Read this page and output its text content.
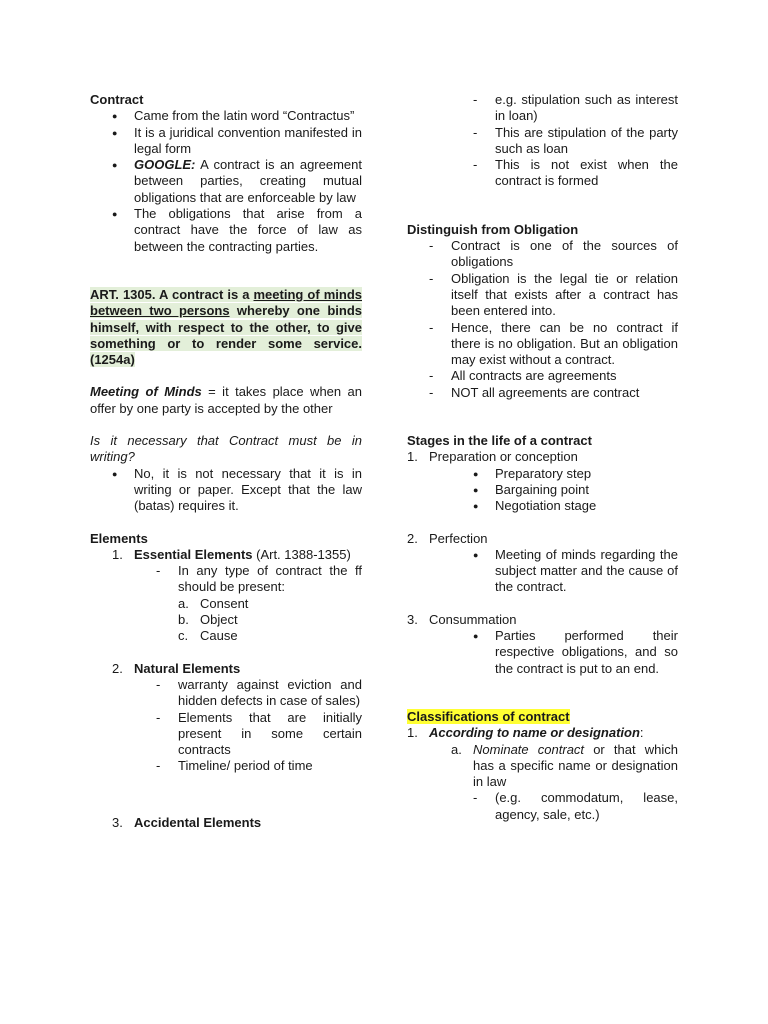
Contract

●	Came from the latin word “Contractus”
●	It is a juridical convention manifested in legal form
●	GOOGLE: A contract is an agreement between parties, creating mutual obligations that are enforceable by law
●	The obligations that arise from a contract have the force of law as between the contracting parties.

ART. 1305. A contract is a meeting of minds between two persons whereby one binds himself, with respect to the other, to give something or to render some service. (1254a)

Meeting of Minds = it takes place when an offer by one party is accepted by the other

Is it necessary that Contract must be in writing?

●	No, it is not necessary that it is in writing or paper. Except that the law (batas) requires it.

Elements

1. Essential Elements (Art. 1388-1355)
-	In any type of contract the ff should be present:
a. Consent
b. Object
c. Cause
2. Natural Elements
-	warranty against eviction and hidden defects in case of sales)
-	Elements that are initially present in some certain contracts
-	Timeline/ period of time
3. Accidental Elements
-	e.g. stipulation such as interest in loan)
-	This are stipulation of the party such as loan
-	This is not exist when the contract is formed

Distinguish from Obligation

-	Contract is one of the sources of obligations
-	Obligation is the legal tie or relation itself that exists after a contract has been entered into.
-	Hence, there can be no contract if there is no obligation. But an obligation may exist without a contract.
-	All contracts are agreements
-	NOT all agreements are contract

Stages in the life of a contract

1. Preparation or conception
●	Preparatory step
●	Bargaining point
●	Negotiation stage
2. Perfection
●	Meeting of minds regarding the subject matter and the cause of the contract.
3. Consummation
●	Parties performed their respective obligations, and so the contract is put to an end.

Classifications of contract

1. According to name or designation:
a. Nominate contract or that which has a specific name or designation in law
-	(e.g. commodatum, lease, agency, sale, etc.)
